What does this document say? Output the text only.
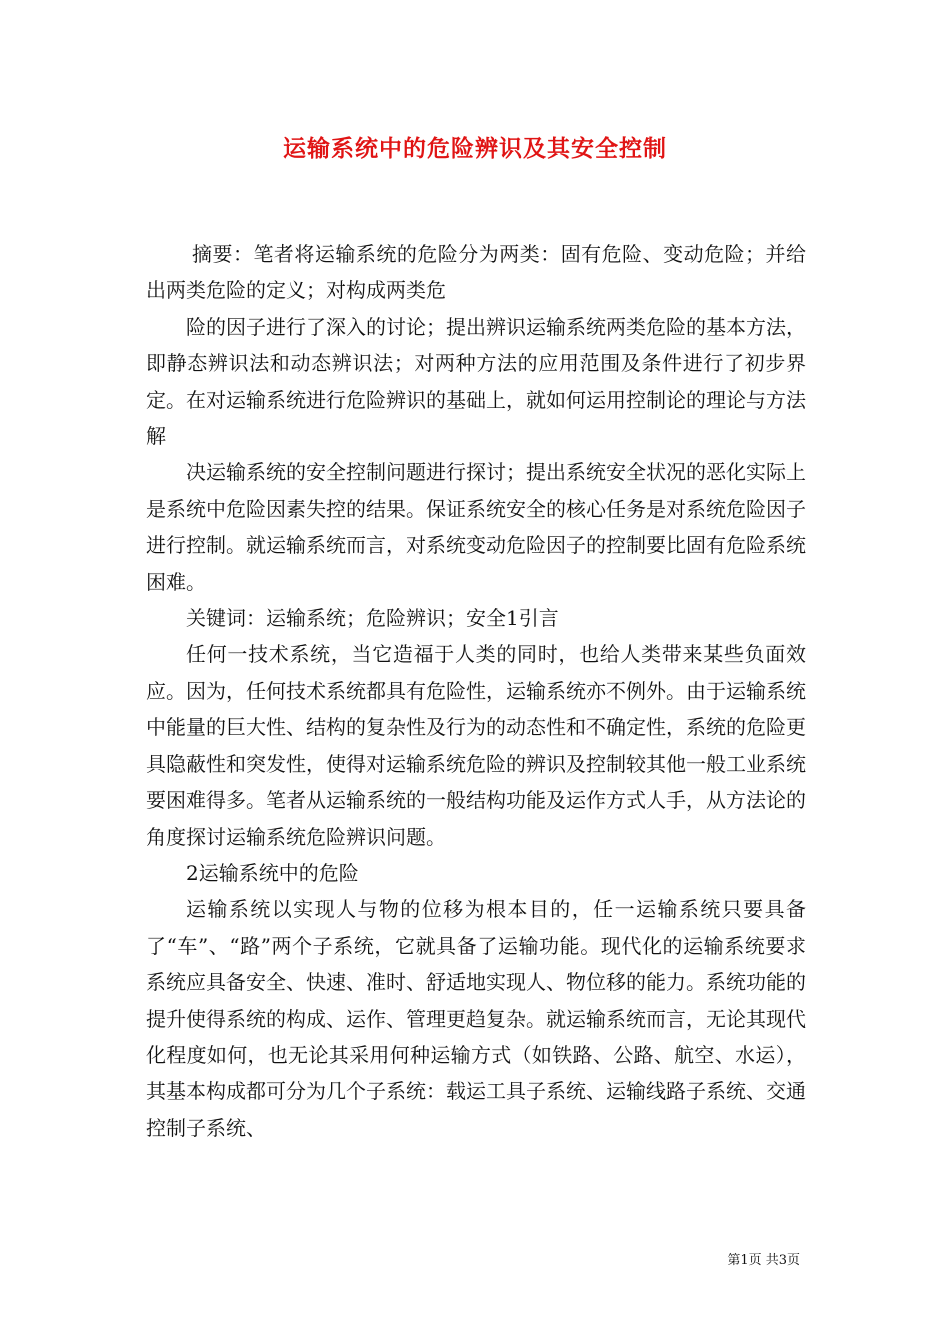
运输系统中的危险辨识及其安全控制

摘要：笔者将运输系统的危险分为两类：固有危险、变动危险；并给出两类危险的定义；对构成两类危

险的因子进行了深入的讨论；提出辨识运输系统两类危险的基本方法，即静态辨识法和动态辨识法；对两种方法的应用范围及条件进行了初步界定。在对运输系统进行危险辨识的基础上，就如何运用控制论的理论与方法解

决运输系统的安全控制问题进行探讨；提出系统安全状况的恶化实际上是系统中危险因素失控的结果。保证系统安全的核心任务是对系统危险因子进行控制。就运输系统而言，对系统变动危险因子的控制要比固有危险系统困难。

关键词：运输系统；危险辨识；安全1引言

任何一技术系统，当它造福于人类的同时，也给人类带来某些负面效应。因为，任何技术系统都具有危险性，运输系统亦不例外。由于运输系统中能量的巨大性、结构的复杂性及行为的动态性和不确定性，系统的危险更具隐蔽性和突发性，使得对运输系统危险的辨识及控制较其他一般工业系统要困难得多。笔者从运输系统的一般结构功能及运作方式人手，从方法论的角度探讨运输系统危险辨识问题。

2运输系统中的危险

运输系统以实现人与物的位移为根本目的，任一运输系统只要具备了“车”、“路”两个子系统，它就具备了运输功能。现代化的运输系统要求系统应具备安全、快速、准时、舒适地实现人、物位移的能力。系统功能的提升使得系统的构成、运作、管理更趋复杂。就运输系统而言，无论其现代化程度如何，也无论其采用何种运输方式（如铁路、公路、航空、水运），其基本构成都可分为几个子系统：载运工具子系统、运输线路子系统、交通控制子系统、

第1页 共3页
